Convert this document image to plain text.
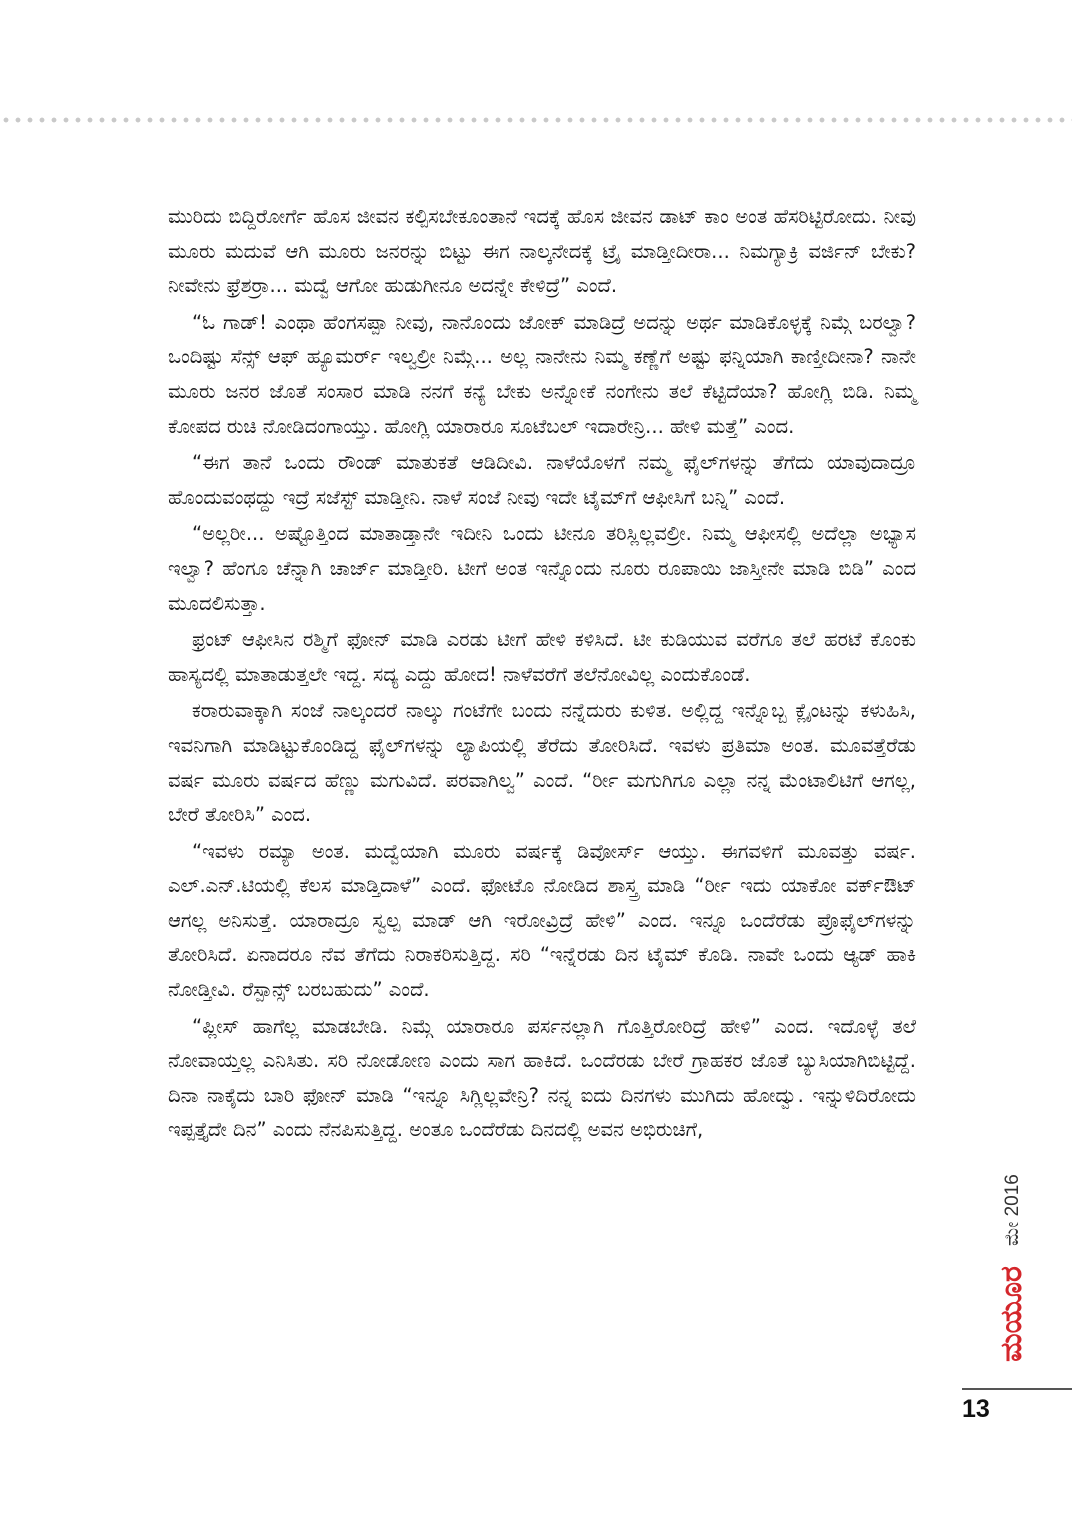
ಮುರಿದು ಬಿದ್ದಿರೋರ್ಗೆ ಹೊಸ ಜೀವನ ಕಲ್ಪಿಸಬೇಕೂಂತಾನೆ ಇದಕ್ಕೆ ಹೊಸ ಜೀವನ ಡಾಟ್ ಕಾಂ ಅಂತ ಹೆಸರಿಟ್ಟಿರೋದು. ನೀವು ಮೂರು ಮದುವೆ ಆಗಿ ಮೂರು ಜನರನ್ನು ಬಿಟ್ಟು ಈಗ ನಾಲ್ಕನೇದಕ್ಕೆ ಟ್ರೈ ಮಾಡ್ತೀದೀರಾ... ನಿಮಗ್ಯಾಕ್ರಿ ವರ್ಜಿನ್ ಬೇಕು? ನೀವೇನು ಫ್ರೆಶರ್ರಾ... ಮದ್ವೆ ಆಗೋ ಹುಡುಗೀನೂ ಅದನ್ನೇ ಕೇಳಿದ್ರೆ” ಎಂದೆ.

“ಓ ಗಾಡ್! ಎಂಥಾ ಹೆಂಗಸಪ್ಪಾ ನೀವು, ನಾನೊಂದು ಜೋಕ್ ಮಾಡಿದ್ರೆ ಅದನ್ನು ಅರ್ಥ ಮಾಡಿಕೊಳ್ಳಕ್ಕೆ ನಿಮ್ಗೆ ಬರಲ್ವಾ? ಒಂದಿಷ್ಟು ಸೆನ್ಸ್ ಆಫ್ ಹ್ಯೂಮರ್ರ್ ಇಲ್ವಲ್ರೀ ನಿಮ್ಗೆ... ಅಲ್ಲ ನಾನೇನು ನಿಮ್ಮ ಕಣ್ಣೆಗೆ ಅಷ್ಟು ಫನ್ನಿಯಾಗಿ ಕಾಣ್ತೀದೀನಾ? ನಾನೇ ಮೂರು ಜನರ ಜೊತೆ ಸಂಸಾರ ಮಾಡಿ ನನಗೆ ಕನ್ಯೆ ಬೇಕು ಅನ್ನೋಕೆ ನಂಗೇನು ತಲೆ ಕೆಟ್ಟಿದೆಯಾ? ಹೋಗ್ಲಿ ಬಿಡಿ. ನಿಮ್ಮ ಕೋಪದ ರುಚಿ ನೋಡಿದಂಗಾಯ್ತು. ಹೋಗ್ಲಿ ಯಾರಾರೂ ಸೂಟೆಬಲ್ ಇದಾರೇನ್ರಿ... ಹೇಳಿ ಮತ್ತೆ” ಎಂದ.

“ಈಗ ತಾನೆ ಒಂದು ರೌಂಡ್ ಮಾತುಕತೆ ಆಡಿದೀವಿ. ನಾಳೆಯೊಳಗೆ ನಮ್ಮ ಫೈಲ್‌ಗಳನ್ನು ತೆಗೆದು ಯಾವುದಾದ್ರೂ ಹೊಂದುವಂಥದ್ದು ಇದ್ರೆ ಸಜೆಸ್ಟ್ ಮಾಡ್ತೀನಿ. ನಾಳೆ ಸಂಜೆ ನೀವು ಇದೇ ಟೈಮ್‌ಗೆ ಆಫೀಸಿಗೆ ಬನ್ನಿ” ಎಂದೆ.

“ಅಲ್ಲರೀ... ಅಷ್ಟೊತ್ತಿಂದ ಮಾತಾಡ್ತಾನೇ ಇದೀನಿ ಒಂದು ಟೀನೂ ತರಿಸ್ಲಿಲ್ಲವಲ್ರೀ. ನಿಮ್ಮ ಆಫೀಸಲ್ಲಿ ಅದೆಲ್ಲಾ ಅಭ್ಯಾಸ ಇಲ್ವಾ? ಹೆಂಗೂ ಚೆನ್ನಾಗಿ ಚಾರ್ಜ್ ಮಾಡ್ತೀರಿ. ಟೀಗೆ ಅಂತ ಇನ್ನೊಂದು ನೂರು ರೂಪಾಯಿ ಜಾಸ್ತೀನೇ ಮಾಡಿ ಬಿಡಿ” ಎಂದ ಮೂದಲಿಸುತ್ತಾ.

ಫ್ರಂಟ್ ಆಫೀಸಿನ ರಶ್ಮಿಗೆ ಫೋನ್ ಮಾಡಿ ಎರಡು ಟೀಗೆ ಹೇಳಿ ಕಳಿಸಿದೆ. ಟೀ ಕುಡಿಯುವ ವರೆಗೂ ತಲೆ ಹರಟೆ ಕೊಂಕು ಹಾಸ್ಯದಲ್ಲಿ ಮಾತಾಡುತ್ತಲೇ ಇದ್ದ. ಸದ್ಯ ಎದ್ದು ಹೋದ! ನಾಳೆವರೆಗೆ ತಲೆನೋವಿಲ್ಲ ಎಂದುಕೊಂಡೆ.

ಕರಾರುವಾಕ್ಕಾಗಿ ಸಂಜೆ ನಾಲ್ಕಂದರೆ ನಾಲ್ಕು ಗಂಟೆಗೇ ಬಂದು ನನ್ನೆದುರು ಕುಳಿತ. ಅಲ್ಲಿದ್ದ ಇನ್ನೊಬ್ಬ ಕ್ಲೈಂಟನ್ನು ಕಳುಹಿಸಿ, ಇವನಿಗಾಗಿ ಮಾಡಿಟ್ಟುಕೊಂಡಿದ್ದ ಫೈಲ್‌ಗಳನ್ನು ಲ್ಯಾಪಿಯಲ್ಲಿ ತೆರೆದು ತೋರಿಸಿದೆ. ಇವಳು ಪ್ರತಿಮಾ ಅಂತ. ಮೂವತ್ತೆರೆಡು ವರ್ಷ ಮೂರು ವರ್ಷದ ಹೆಣ್ಣು ಮಗುವಿದೆ. ಪರವಾಗಿಲ್ವ” ಎಂದೆ. “ರ್ರೀ ಮಗುಗಿಗೂ ಎಲ್ಲಾ ನನ್ನ ಮೆಂಟಾಲಿಟಿಗೆ ಆಗಲ್ಲ, ಬೇರೆ ತೋರಿಸಿ” ಎಂದ.

“ಇವಳು ರಮ್ಯಾ ಅಂತ. ಮದ್ವೆಯಾಗಿ ಮೂರು ವರ್ಷಕ್ಕೆ ಡಿವೋರ್ಸ್ ಆಯ್ತು. ಈಗವಳಿಗೆ ಮೂವತ್ತು ವರ್ಷ. ಎಲ್.ಎನ್.ಟಿಯಲ್ಲಿ ಕೆಲಸ ಮಾಡ್ತಿದಾಳೆ” ಎಂದೆ. ಫೋಟೊ ನೋಡಿದ ಶಾಸ್ತ್ರ ಮಾಡಿ “ರ್ರೀ ಇದು ಯಾಕೋ ವರ್ಕ್‌ಔಟ್ ಆಗಲ್ಲ ಅನಿಸುತ್ತೆ. ಯಾರಾದ್ರೂ ಸ್ವಲ್ಪ ಮಾಡ್ ಆಗಿ ಇರೋವ್ರಿದ್ರೆ ಹೇಳಿ” ಎಂದ. ಇನ್ನೂ ಒಂದೆರೆಡು ಪ್ರೊಫೈಲ್‌ಗಳನ್ನು ತೋರಿಸಿದೆ. ಏನಾದರೂ ನೆವ ತೆಗೆದು ನಿರಾಕರಿಸುತ್ತಿದ್ದ. ಸರಿ “ಇನ್ನೆರಡು ದಿನ ಟೈಮ್ ಕೊಡಿ. ನಾವೇ ಒಂದು ಆ್ಯಡ್ ಹಾಕಿ ನೋಡ್ತೀವಿ. ರೆಸ್ಪಾನ್ಸ್ ಬರಬಹುದು” ಎಂದೆ.

“ಪ್ಲೀಸ್ ಹಾಗೆಲ್ಲ ಮಾಡಬೇಡಿ. ನಿಮ್ಗೆ ಯಾರಾರೂ ಪರ್ಸನಲ್ಲಾಗಿ ಗೊತ್ತಿರೋರಿದ್ರೆ ಹೇಳಿ” ಎಂದ. ಇದೊಳ್ಳೆ ತಲೆ ನೋವಾಯ್ತಲ್ಲ ಎನಿಸಿತು. ಸರಿ ನೋಡೋಣ ಎಂದು ಸಾಗ ಹಾಕಿದೆ. ಒಂದೆರಡು ಬೇರೆ ಗ್ರಾಹಕರ ಜೊತೆ ಬ್ಯುಸಿಯಾಗಿಬಿಟ್ಟಿದ್ದೆ. ದಿನಾ ನಾಕೈದು ಬಾರಿ ಫೋನ್ ಮಾಡಿ “ಇನ್ನೂ ಸಿಗ್ಲಿಲ್ಲವೇನ್ರಿ? ನನ್ನ ಐದು ದಿನಗಳು ಮುಗಿದು ಹೋದ್ವು. ಇನ್ನುಳಿದಿರೋದು ಇಪ್ಪತ್ತೈದೇ ದಿನ” ಎಂದು ನೆನಪಿಸುತ್ತಿದ್ದ. ಅಂತೂ ಒಂದೆರೆಡು ದಿನದಲ್ಲಿ ಅವನ ಅಭಿರುಚಿಗೆ,

ಮೇ 2016
ಮಯೂರ
13
